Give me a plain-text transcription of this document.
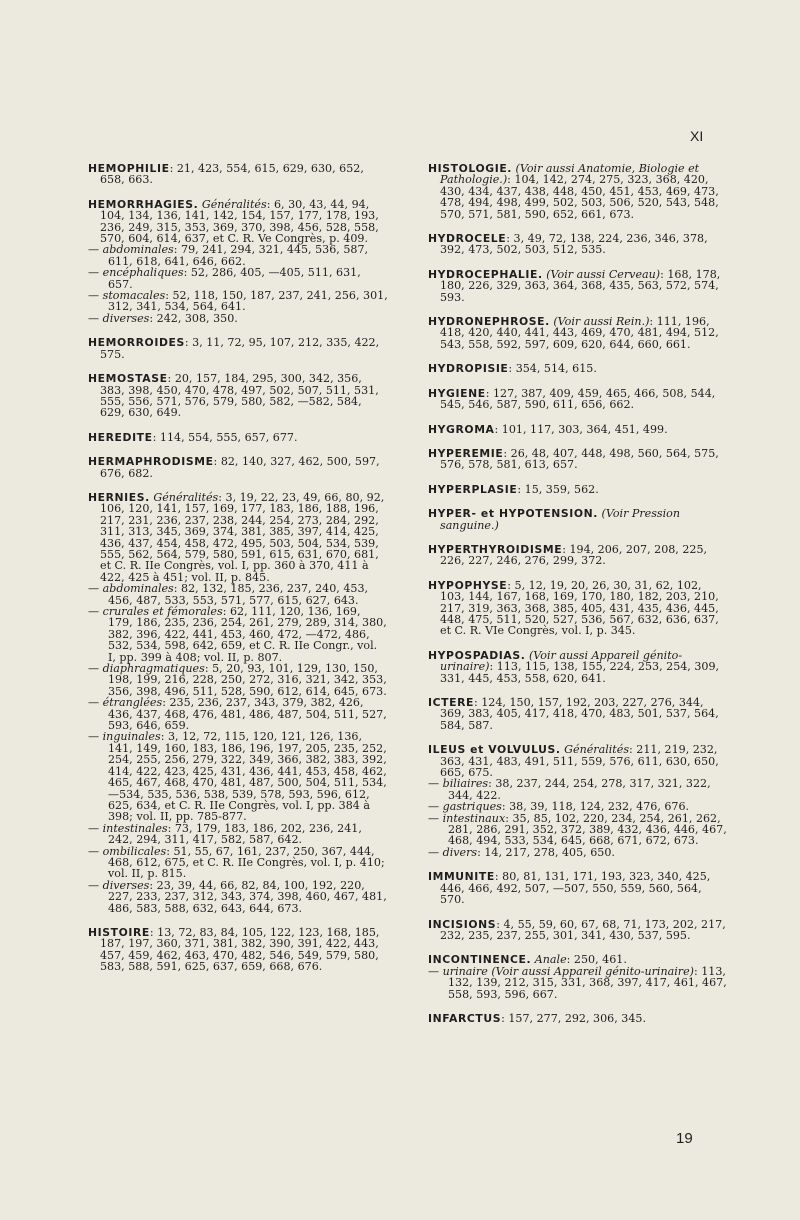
XI

HEMOPHILIE: 21, 423, 554, 615, 629, 630, 652, 658, 663.

HEMORRHAGIES. Généralités: 6, 30, 43, 44, 94, 104, 134, 136, 141, 142, 154, 157, 177, 178, 193, 236, 249, 315, 353, 369, 370, 398, 456, 528, 558, 570, 604, 614, 637, et C. R. Ve Congrès, p. 409.

— abdominales: 79, 241, 294, 321, 445, 536, 587, 611, 618, 641, 646, 662.

— encéphaliques: 52, 286, 405, —405, 511, 631, 657.

— stomacales: 52, 118, 150, 187, 237, 241, 256, 301, 312, 341, 534, 564, 641.

— diverses: 242, 308, 350.

HEMORROIDES: 3, 11, 72, 95, 107, 212, 335, 422, 575.

HEMOSTASE: 20, 157, 184, 295, 300, 342, 356, 383, 398, 450, 470, 478, 497, 502, 507, 511, 531, 555, 556, 571, 576, 579, 580, 582, —582, 584, 629, 630, 649.

HEREDITE: 114, 554, 555, 657, 677.

HERMAPHRODISME: 82, 140, 327, 462, 500, 597, 676, 682.

HERNIES. Généralités: 3, 19, 22, 23, 49, 66, 80, 92, 106, 120, 141, 157, 169, 177, 183, 186, 188, 196, 217, 231, 236, 237, 238, 244, 254, 273, 284, 292, 311, 313, 345, 369, 374, 381, 385, 397, 414, 425, 436, 437, 454, 458, 472, 495, 503, 504, 534, 539, 555, 562, 564, 579, 580, 591, 615, 631, 670, 681, et C. R. IIe Congrès, vol. I, pp. 360 à 370, 411 à 422, 425 à 451; vol. II, p. 845.

— abdominales: 82, 132, 185, 236, 237, 240, 453, 456, 487, 533, 553, 571, 577, 615, 627, 643.

— crurales et fémorales: 62, 111, 120, 136, 169, 179, 186, 235, 236, 254, 261, 279, 289, 314, 380, 382, 396, 422, 441, 453, 460, 472, —472, 486, 532, 534, 598, 642, 659, et C. R. IIe Congr., vol. I, pp. 399 à 408; vol. II, p. 807.

— diaphragmatiques: 5, 20, 93, 101, 129, 130, 150, 198, 199, 216, 228, 250, 272, 316, 321, 342, 353, 356, 398, 496, 511, 528, 590, 612, 614, 645, 673.

— étranglées: 235, 236, 237, 343, 379, 382, 426, 436, 437, 468, 476, 481, 486, 487, 504, 511, 527, 593, 646, 659.

— inguinales: 3, 12, 72, 115, 120, 121, 126, 136, 141, 149, 160, 183, 186, 196, 197, 205, 235, 252, 254, 255, 256, 279, 322, 349, 366, 382, 383, 392, 414, 422, 423, 425, 431, 436, 441, 453, 458, 462, 465, 467, 468, 470, 481, 487, 500, 504, 511, 534, —534, 535, 536, 538, 539, 578, 593, 596, 612, 625, 634, et C. R. IIe Congrès, vol. I, pp. 384 à 398; vol. II, pp. 785-877.

— intestinales: 73, 179, 183, 186, 202, 236, 241, 242, 294, 311, 417, 582, 587, 642.

— ombilicales: 51, 55, 67, 161, 237, 250, 367, 444, 468, 612, 675, et C. R. IIe Congrès, vol. I, p. 410; vol. II, p. 815.

— diverses: 23, 39, 44, 66, 82, 84, 100, 192, 220, 227, 233, 237, 312, 343, 374, 398, 460, 467, 481, 486, 583, 588, 632, 643, 644, 673.

HISTOIRE: 13, 72, 83, 84, 105, 122, 123, 168, 185, 187, 197, 360, 371, 381, 382, 390, 391, 422, 443, 457, 459, 462, 463, 470, 482, 546, 549, 579, 580, 583, 588, 591, 625, 637, 659, 668, 676.

HISTOLOGIE. (Voir aussi Anatomie, Biologie et Pathologie.): 104, 142, 274, 275, 323, 368, 420, 430, 434, 437, 438, 448, 450, 451, 453, 469, 473, 478, 494, 498, 499, 502, 503, 506, 520, 543, 548, 570, 571, 581, 590, 652, 661, 673.

HYDROCELE: 3, 49, 72, 138, 224, 236, 346, 378, 392, 473, 502, 503, 512, 535.

HYDROCEPHALIE. (Voir aussi Cerveau): 168, 178, 180, 226, 329, 363, 364, 368, 435, 563, 572, 574, 593.

HYDRONEPHROSE. (Voir aussi Rein.): 111, 196, 418, 420, 440, 441, 443, 469, 470, 481, 494, 512, 543, 558, 592, 597, 609, 620, 644, 660, 661.

HYDROPISIE: 354, 514, 615.

HYGIENE: 127, 387, 409, 459, 465, 466, 508, 544, 545, 546, 587, 590, 611, 656, 662.

HYGROMA: 101, 117, 303, 364, 451, 499.

HYPEREMIE: 26, 48, 407, 448, 498, 560, 564, 575, 576, 578, 581, 613, 657.

HYPERPLASIE: 15, 359, 562.

HYPER- et HYPOTENSION. (Voir Pression sanguine.)

HYPERTHYROIDISME: 194, 206, 207, 208, 225, 226, 227, 246, 276, 299, 372.

HYPOPHYSE: 5, 12, 19, 20, 26, 30, 31, 62, 102, 103, 144, 167, 168, 169, 170, 180, 182, 203, 210, 217, 319, 363, 368, 385, 405, 431, 435, 436, 445, 448, 475, 511, 520, 527, 536, 567, 632, 636, 637, et C. R. VIe Congrès, vol. I, p. 345.

HYPOSPADIAS. (Voir aussi Appareil génito-urinaire): 113, 115, 138, 155, 224, 253, 254, 309, 331, 445, 453, 558, 620, 641.

ICTERE: 124, 150, 157, 192, 203, 227, 276, 344, 369, 383, 405, 417, 418, 470, 483, 501, 537, 564, 584, 587.

ILEUS et VOLVULUS. Généralités: 211, 219, 232, 363, 431, 483, 491, 511, 559, 576, 611, 630, 650, 665, 675.

— biliaires: 38, 237, 244, 254, 278, 317, 321, 322, 344, 422.

— gastriques: 38, 39, 118, 124, 232, 476, 676.

— intestinaux: 35, 85, 102, 220, 234, 254, 261, 262, 281, 286, 291, 352, 372, 389, 432, 436, 446, 467, 468, 494, 533, 534, 645, 668, 671, 672, 673.

— divers: 14, 217, 278, 405, 650.

IMMUNITE: 80, 81, 131, 171, 193, 323, 340, 425, 446, 466, 492, 507, —507, 550, 559, 560, 564, 570.

INCISIONS: 4, 55, 59, 60, 67, 68, 71, 173, 202, 217, 232, 235, 237, 255, 301, 341, 430, 537, 595.

INCONTINENCE. Anale: 250, 461.

— urinaire (Voir aussi Appareil génito-urinaire): 113, 132, 139, 212, 315, 331, 368, 397, 417, 461, 467, 558, 593, 596, 667.

INFARCTUS: 157, 277, 292, 306, 345.

19
